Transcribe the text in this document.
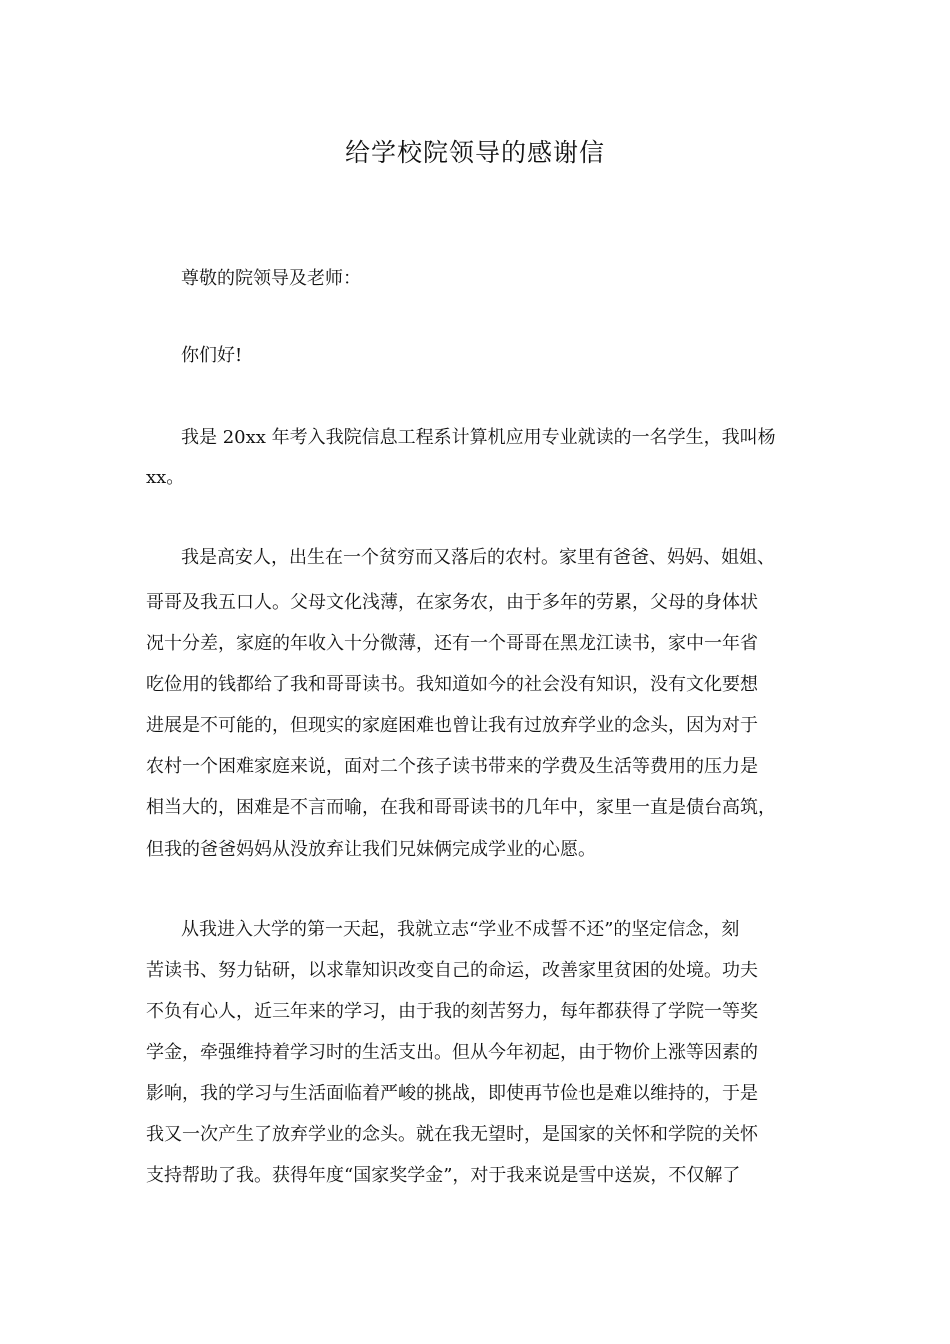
给学校院领导的感谢信
尊敬的院领导及老师：
你们好!
我是 20xx 年考入我院信息工程系计算机应用专业就读的一名学生，我叫杨
xx。
我是高安人，出生在一个贫穷而又落后的农村。家里有爸爸、妈妈、姐姐、
哥哥及我五口人。父母文化浅薄，在家务农，由于多年的劳累，父母的身体状
况十分差，家庭的年收入十分微薄，还有一个哥哥在黑龙江读书，家中一年省
吃俭用的钱都给了我和哥哥读书。我知道如今的社会没有知识，没有文化要想
进展是不可能的，但现实的家庭困难也曾让我有过放弃学业的念头，因为对于
农村一个困难家庭来说，面对二个孩子读书带来的学费及生活等费用的压力是
相当大的，困难是不言而喻，在我和哥哥读书的几年中，家里一直是债台高筑，
但我的爸爸妈妈从没放弃让我们兄妹俩完成学业的心愿。
从我进入大学的第一天起，我就立志“学业不成誓不还”的坚定信念，刻
苦读书、努力钻研，以求靠知识改变自己的命运，改善家里贫困的处境。功夫
不负有心人，近三年来的学习，由于我的刻苦努力，每年都获得了学院一等奖
学金，牵强维持着学习时的生活支出。但从今年初起，由于物价上涨等因素的
影响，我的学习与生活面临着严峻的挑战，即使再节俭也是难以维持的，于是
我又一次产生了放弃学业的念头。就在我无望时，是国家的关怀和学院的关怀
支持帮助了我。获得年度“国家奖学金”，对于我来说是雪中送炭，不仅解了
